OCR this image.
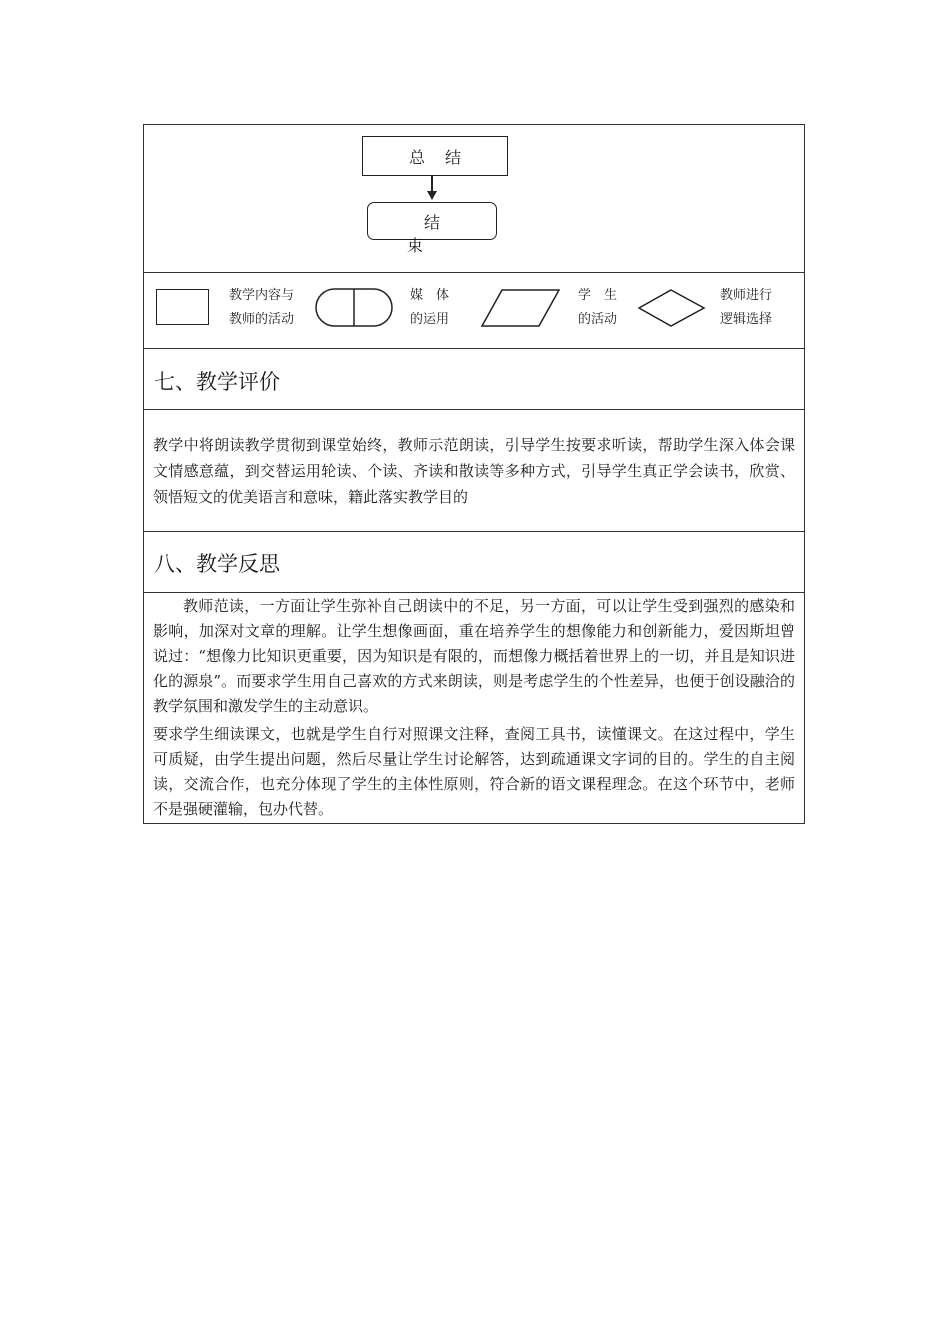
总结
结束
教学内容与
教师的活动
媒　体
的运用
学　生
的活动
教师进行
逻辑选择
七、教学评价
教学中将朗读教学贯彻到课堂始终，教师示范朗读，引导学生按要求听读，帮助学生深入体会课文情感意蕴，到交替运用轮读、个读、齐读和散读等多种方式，引导学生真正学会读书，欣赏、领悟短文的优美语言和意味，籍此落实教学目的
八、教学反思

教师范读，一方面让学生弥补自己朗读中的不足，另一方面，可以让学生受到强烈的感染和影响，加深对文章的理解。让学生想像画面，重在培养学生的想像能力和创新能力，爱因斯坦曾说过：“想像力比知识更重要，因为知识是有限的，而想像力概括着世界上的一切，并且是知识进化的源泉”。而要求学生用自己喜欢的方式来朗读，则是考虑学生的个性差异，也便于创设融洽的教学氛围和激发学生的主动意识。

要求学生细读课文，也就是学生自行对照课文注释，查阅工具书，读懂课文。在这过程中，学生可质疑，由学生提出问题，然后尽量让学生讨论解答，达到疏通课文字词的目的。学生的自主阅读，交流合作，也充分体现了学生的主体性原则，符合新的语文课程理念。在这个环节中，老师不是强硬灌输，包办代替。
